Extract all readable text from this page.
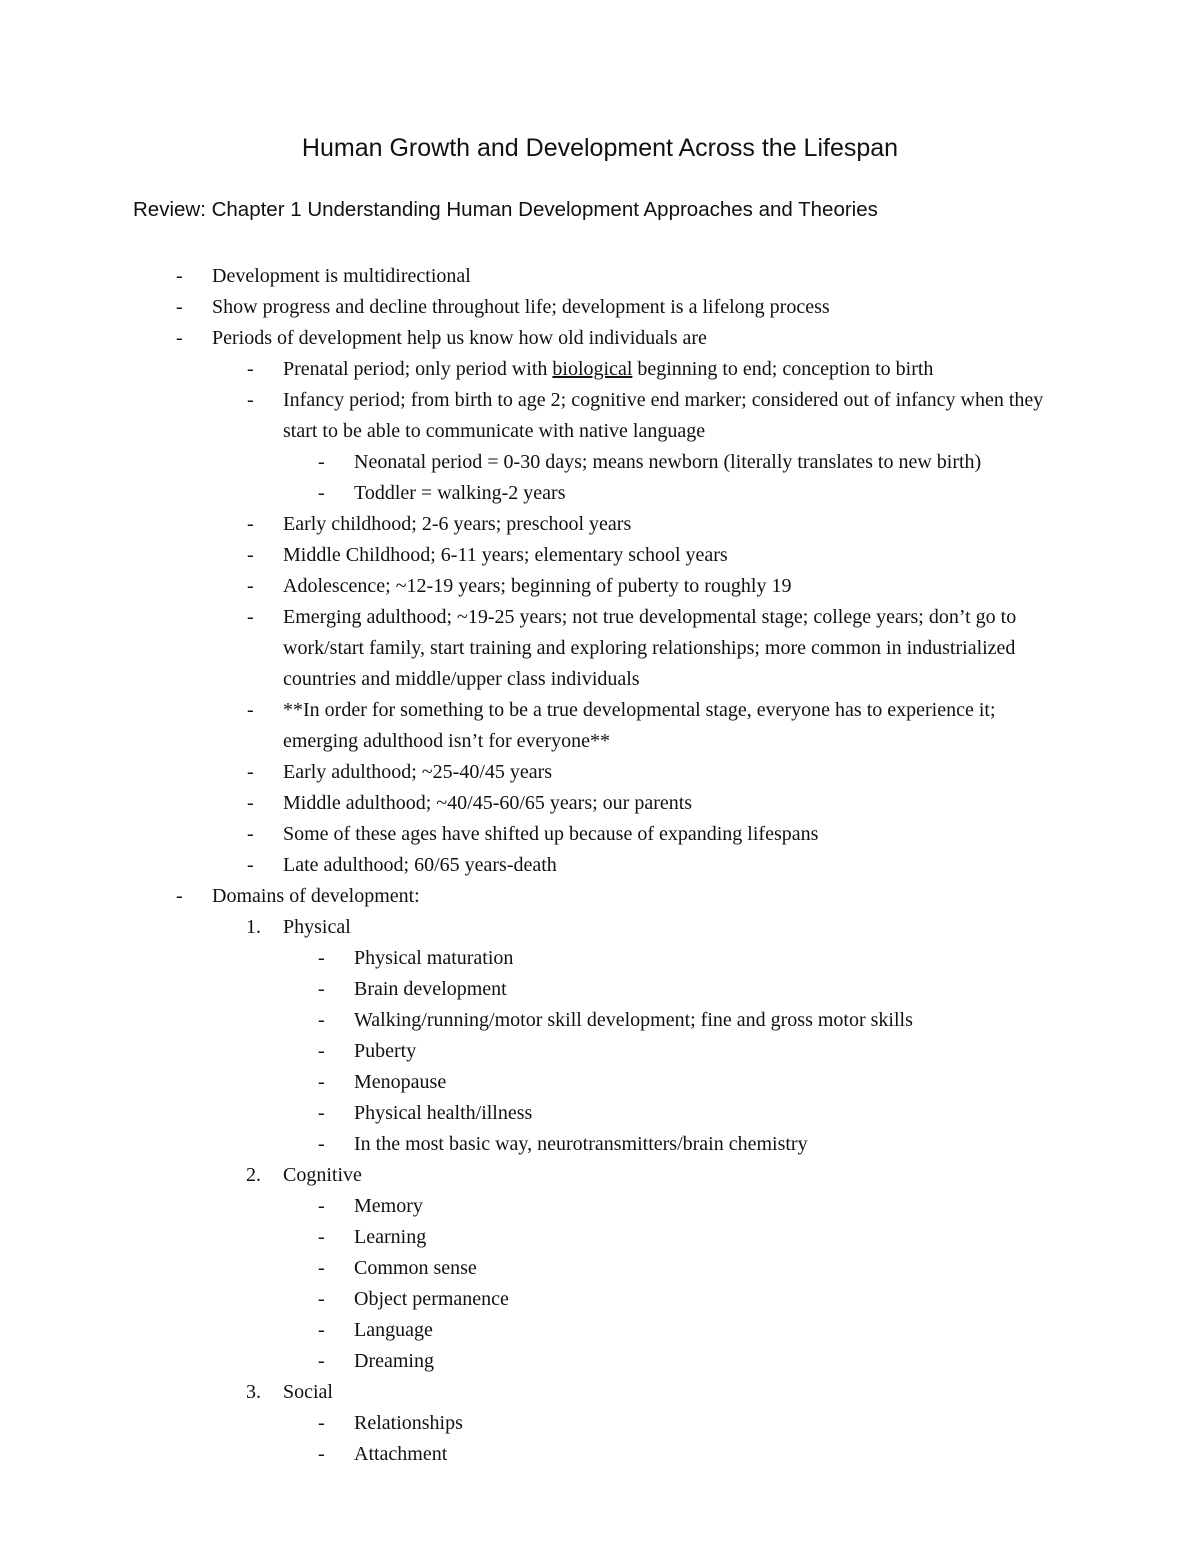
Human Growth and Development Across the Lifespan
Review: Chapter 1 Understanding Human Development Approaches and Theories
-	Development is multidirectional
-	Show progress and decline throughout life; development is a lifelong process
-	Periods of development help us know how old individuals are
-	Prenatal period; only period with biological beginning to end; conception to birth
-	Infancy period; from birth to age 2; cognitive end marker; considered out of infancy when they start to be able to communicate with native language
-	Neonatal period = 0-30 days; means newborn (literally translates to new birth)
-	Toddler = walking-2 years
-	Early childhood; 2-6 years; preschool years
-	Middle Childhood; 6-11 years; elementary school years
-	Adolescence; ~12-19 years; beginning of puberty to roughly 19
-	Emerging adulthood; ~19-25 years; not true developmental stage; college years; don’t go to work/start family, start training and exploring relationships; more common in industrialized countries and middle/upper class individuals
-	**In order for something to be a true developmental stage, everyone has to experience it; emerging adulthood isn’t for everyone**
-	Early adulthood; ~25-40/45 years
-	Middle adulthood; ~40/45-60/65 years; our parents
-	Some of these ages have shifted up because of expanding lifespans
-	Late adulthood; 60/65 years-death
-	Domains of development:
1.	Physical
-	Physical maturation
-	Brain development
-	Walking/running/motor skill development; fine and gross motor skills
-	Puberty
-	Menopause
-	Physical health/illness
-	In the most basic way, neurotransmitters/brain chemistry
2.	Cognitive
-	Memory
-	Learning
-	Common sense
-	Object permanence
-	Language
-	Dreaming
3.	Social
-	Relationships
-	Attachment
